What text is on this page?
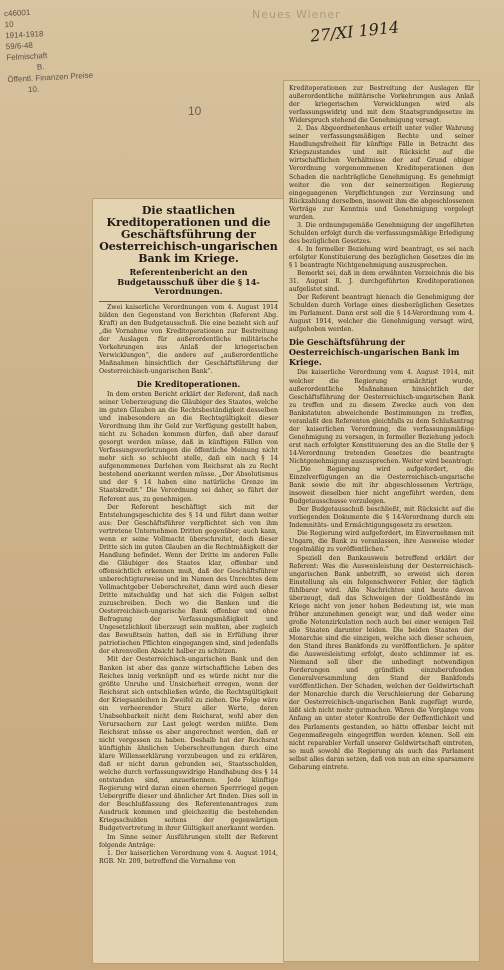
c46001
10
1914-1918
59/6-48
Felmischaft
B.
Öffentl. Finanzen Preise
10.
10
Neues Wiener
27/XI 1914
Die staatlichen Kreditoperationen und die Geschäftsführung der Oesterreichisch-ungarischen Bank im Kriege.
Referentenbericht an den Budgetausschuß über die § 14-Verordnungen.

Zwei kaiserliche Verordnungen vom 4. August 1914 bilden den Gegenstand von Berichten (Referent Abg. Kraft) an den Budgetausschuß. Die eine bezieht sich auf „die Vornahme von Kreditoperationen zur Bestreitung der Auslagen für außerordentliche militärische Vorkehrungen aus Anlaß der kriegerischen Verwicklungen“, die andere auf „außerordentliche Maßnahmen hinsichtlich der Geschäftsführung der Oesterreichisch-ungarischen Bank“.

Die Kreditoperationen.

In dem ersten Bericht erklärt der Referent, daß nach seiner Ueberzeugung die Gläubiger des Staates, welche im guten Glauben an die Rechtsbeständigkeit desselben und insbesondere an die Rechtsgültigkeit dieser Verordnung ihm ihr Geld zur Verfügung gestellt haben, nicht zu Schaden kommen dürfen, daß aber darauf gesorgt werden müsse, daß in künftigen Fällen von Verfassungsverletzungen die öffentliche Meinung nicht mehr sich so schlecht stelle, daß ein nach § 14 aufgenommenes Darlehen vom Reichsrat als zu Recht bestehend anerkannt werden müsse. „Der Absolutismus und der § 14 haben eine natürliche Grenze im Staatskredit.“ Die Verordnung sei daher, so führt der Referent aus, zu genehmigen.

Der Referent beschäftigt sich mit der Entstehungsgeschichte des § 14 und führt dann weiter aus: Der Geschäftsführer verpflichtet sich von ihm vertretene Unternehmen Dritten gegenüber; auch kann, wenn er seine Vollmacht überschreitet, doch dieser Dritte sich im guten Glauben an die Rechtmäßigkeit der Handlung befindet. Wenn der Dritte im anderen Falle die Gläubiger des Staates klar, offenbar und offensichtlich erkennen muß, daß der Geschäftsführer unberechtigterweise und im Namen des Unrechtes dem Vollmachtgeber Ueberschreitet, dann wird auch dieser Dritte mitschuldig und hat sich die Folgen selbst zuzuschreiben. Doch wo die Banken und die Oesterreichisch-ungarische Bank offenbar und ohne Befragung der Verfassungsmäßigkeit und Ungesetzlichkeit überzeugt sein mußten, aber zugleich das Bewußtsein hatten, daß sie in Erfüllung ihrer patriotischen Pflichten eingegangen sind, sind jedenfalls der ehrenvollen Absicht halber zu schützen.

Mit der Oesterreichisch-ungarischen Bank und den Banken ist aber das ganze wirtschaftliche Leben des Reiches innig verknüpft und es würde nicht nur die größte Unruhe und Unsicherheit erregen, wenn der Reichsrat sich entschließen würde, die Rechtsgültigkeit der Kriegsanleihen in Zweifel zu ziehen. Die Folge wäre ein verheerender Sturz aller Werte, deren Unabsehbarkeit nicht dem Reichsrat, wohl aber den Verursachern zur Last gelegt werden müßte. Dem Reichsrat müsse es aber angerechnet werden, daß er nicht vergessen zu haben. Deshalb hat der Reichsrat künftighin ähnlichen Ueberschreitungen durch eine klare Willenserklärung vorzubeugen und zu erklären, daß er nicht daran gebunden sei, Staatsschulden, welche durch verfassungswidrige Handhabung des § 14 entstanden sind, anzuerkennen. Jede künftige Regierung wird daran einen ehernen Sperrriegel gegen Uebergriffe dieser und ähnlicher Art finden. Dies soll in der Beschlußfassung des Referentenantrages zum Ausdruck kommen und gleichzeitig die bestehenden Kriegsschulden seitens der gegenwärtigen Budgetvertretung in ihrer Gültigkeit anerkannt werden.

Im Sinne seiner Ausführungen stellt der Referent folgende Anträge:

1. Der kaiserlichen Verordnung vom 4. August 1914, RGB. Nr. 209, betreffend die Vornahme von

Kreditoperationen zur Bestreitung der Auslagen für außerordentliche militärische Vorkehrungen aus Anlaß der kriegerischen Verwicklungen wird als verfassungswidrig und mit dem Staatsgrundgesetze im Widerspruch stehend die Genehmigung versagt.

2. Das Abgeordnetenhaus erteilt unter voller Wahrung seiner verfassungsmäßigen Rechte und seiner Handlungsfreiheit für künftige Fälle in Betracht des Kriegszustandes und mit Rücksicht auf die wirtschaftlichen Verhältnisse der auf Grund obiger Verordnung vorgenommenen Kreditoperationen den Schaden die nachträgliche Genehmigung. Es genehmigt weiter die von der seinerzeitigen Regierung eingegangenen Verpflichtungen zur Verzinsung und Rückzahlung derselben, insoweit ihm die abgeschlossenen Verträge zur Kenntnis und Genehmigung vorgelegt wurden.

3. Die ordnungsgemäße Genehmigung der angeführten Schulden erfolgt durch die verfassungsmäßige Erledigung des bezüglichen Gesetzes.

4. In formeller Beziehung wird beantragt, es sei nach erfolgter Konstituierung des bezüglichen Gesetzes die im § 1 beantragte Nichtgenehmigung auszusprechen.

Bemerkt sei, daß in dem erwähnten Verzeichnis die bis 31. August R. J. durchgeführten Kreditoperationen aufgelistet sind.

Der Referent beantragt hienach die Genehmigung der Schulden durch Vorlage eines diesbezüglichen Gesetzes im Parlament. Dann erst soll die § 14-Verordnung vom 4. August 1914, welcher die Genehmigung versagt wird, aufgehoben werden.

Die Geschäftsführung der Oesterreichisch-ungarischen Bank im Kriege.

Die kaiserliche Verordnung vom 4. August 1914, mit welcher die Regierung ermächtigt wurde, außerordentliche Maßnahmen hinsichtlich der Geschäftsführung der Oesterreichisch-ungarischen Bank zu treffen und zu diesem Zwecke auch von den Bankstatuten abweichende Bestimmungen zu treffen, veranlaßt den Referenten gleichfalls zu dem Schlußantrag der kaiserlichen Verordnung, die verfassungsmäßige Genehmigung zu versagen, in formeller Beziehung jedoch erst nach erfolgter Konstituierung des an die Stelle der § 14-Verordnung tretenden Gesetzes die beantragte Nichtgenehmigung auszusprechen. Weiter wird beantragt:

„Die Regierung wird aufgefordert, die Einzelverfügungen an die Oesterreichisch-ungarische Bank sowie die mit ihr abgeschlossenen Verträge, insoweit dieselben hier nicht angeführt werden, dem Budgetausschusse vorzulegen.

Der Budgetausschuß beschließt, mit Rücksicht auf die vorliegenden Dokumente die § 14-Verordnung durch ein Indemnitäts- und Ermächtigungsgesetz zu ersetzen.

Die Regierung wird aufgefordert, im Einvernehmen mit Ungarn, die Bank zu veranlassen, ihre Ausweise wieder regelmäßig zu veröffentlichen.“

Speziell den Bankausweis betreffend erklärt der Referent: Was die Ausweisleistung der Oesterreichisch-ungarischen Bank anbetrifft, so erweist sich deren Einstellung als ein folgenschwerer Fehler, der täglich fühlbarer wird. Alle Nachrichten sind heute davon überzeugt, daß das Schweigen der Goldbestände im Kriege nicht von jener hohen Bedeutung ist, wie man früher anzunehmen geneigt war, und daß weder eine große Notenzirkulation noch auch bei einer wenigen Teil alle Staaten darunter leiden. Die beiden Staaten der Monarchie sind die einzigen, welche sich dieser scheuen, den Stand ihres Bankfonds zu veröffentlichen. Je später die Ausweisleistung erfolgt, desto schlimmer ist es. Niemand soll über die unbedingt notwendigen Forderungen und gründlich einzuberufenden Generalversammlung den Stand der Bankfonds veröffentlichen. Der Schaden, welchen der Geldwirtschaft der Monarchie durch die Verschleierung der Gebarung der Oesterreichisch-ungarischen Bank zugefügt wurde, läßt sich nicht mehr gutmachen. Wären die Vorgänge vom Anfang an unter steter Kontrolle der Oeffentlichkeit und des Parlaments gestanden, so hätte offenbar leicht mit Gegenmaßregeln eingegriffen werden können. Soll ein nicht reparabler Verfall unserer Geldwirtschaft eintreten, so muß sowohl die Regierung als auch das Parlament selbst alles daran setzen, daß von nun an eine sparsamere Gebarung eintrete.
